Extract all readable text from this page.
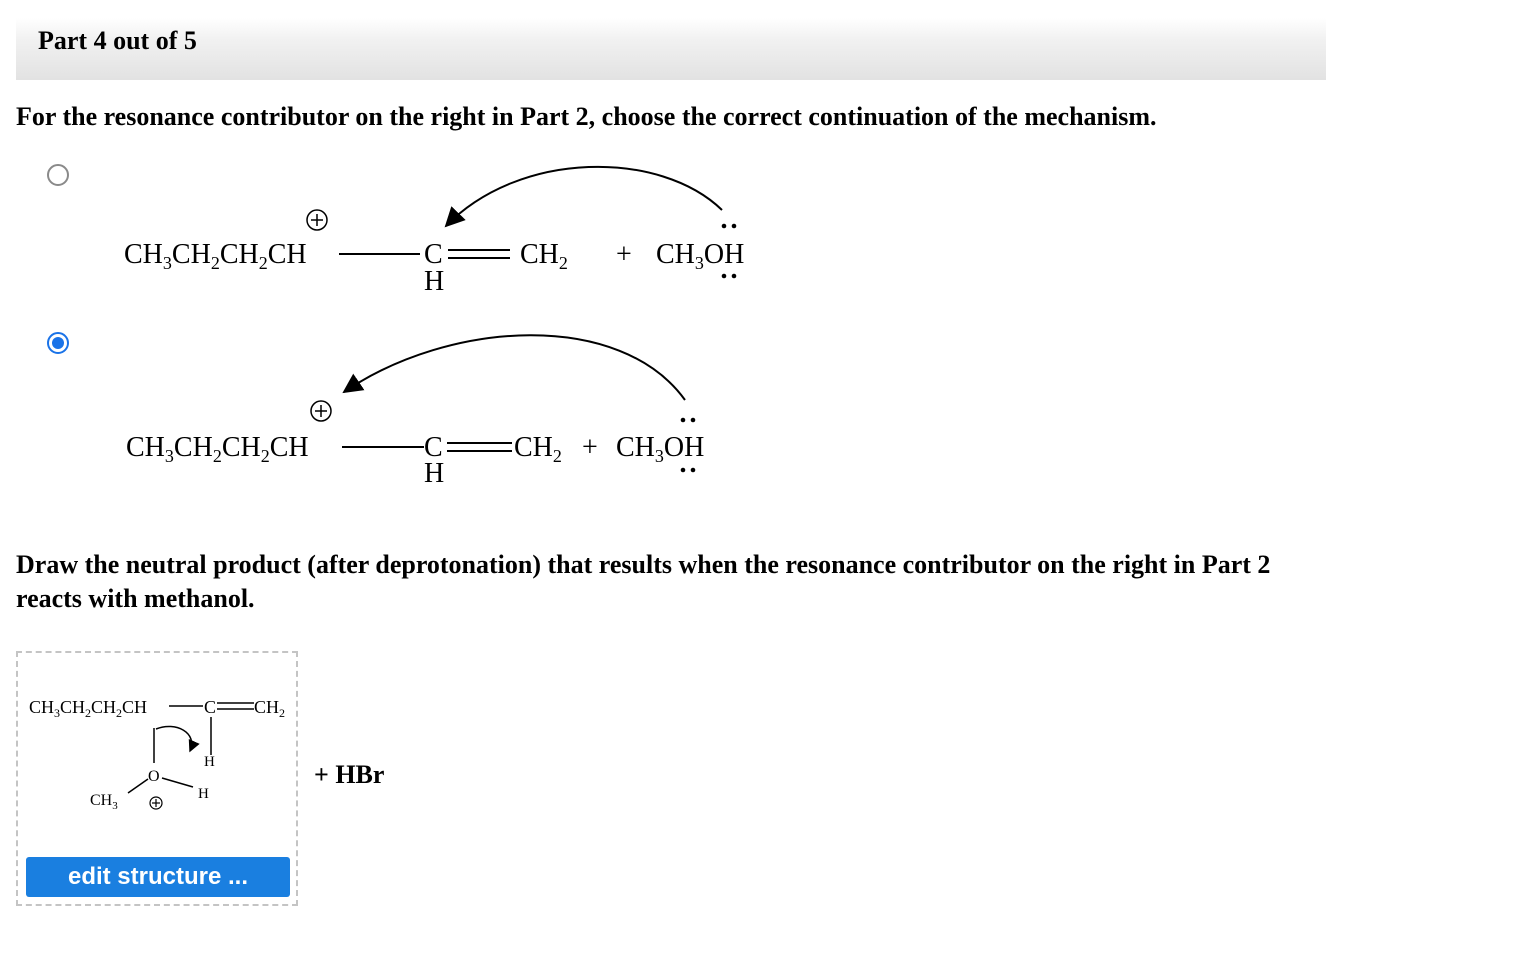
Part 4 out of 5
For the resonance contributor on the right in Part 2, choose the correct continuation of the mechanism.
$CH_3CH_2CH_2CH$	C
H
$CH_2 + CH_3OH$
$CH_3CH_2CH_2CH$	C
H
$CH_2 + CH_3OH$
Draw the neutral product (after deprotonation) that results when the resonance contributor on the right in Part 2 reacts with methanol.
$CH_3CH_2CH_2CH$	C $CH_2$
H
O
H
$CH_3$
edit structure ...
+ HBr
